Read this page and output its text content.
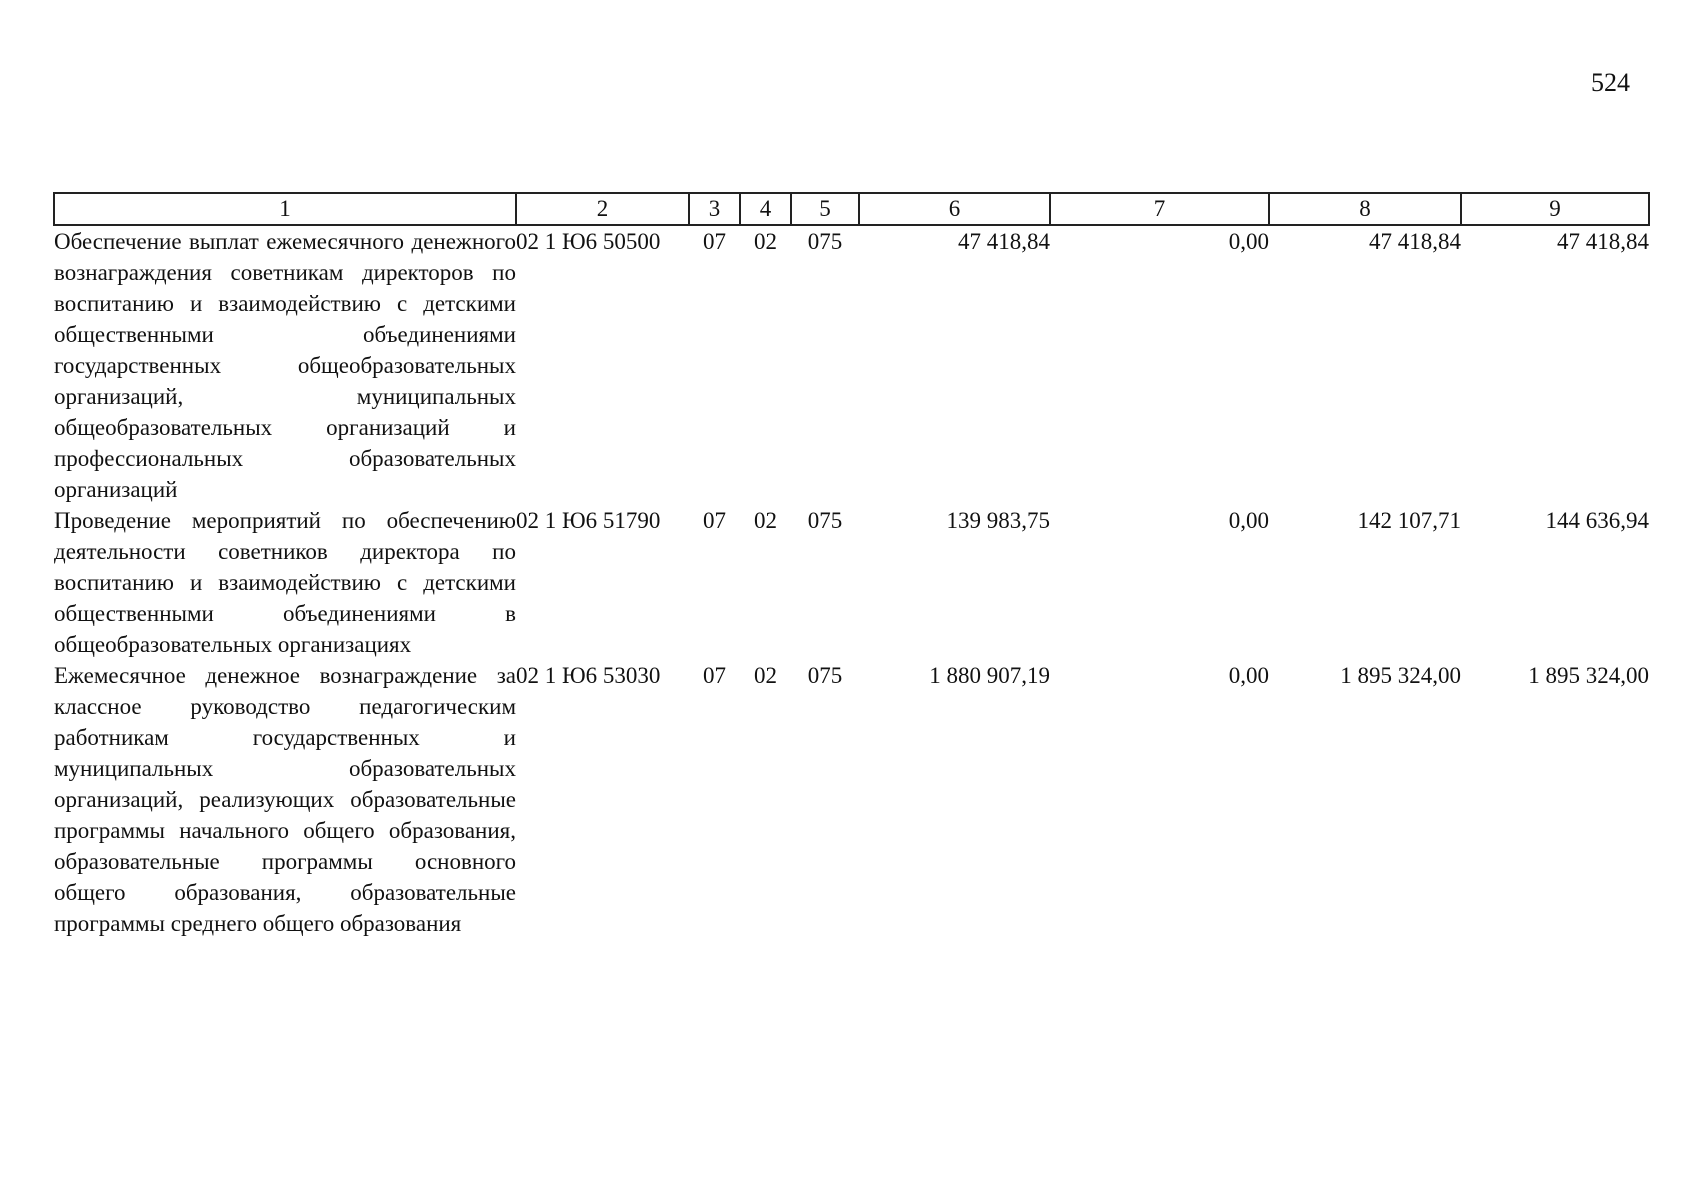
524
1	2	3	4	5	6	7	8	9
Обеспечение выплат ежемесячного денежного вознаграждения советникам директоров по воспитанию и взаимодействию с детскими общественными объединениями государственных общеобразовательных организаций, муниципальных общеобразовательных организаций и профессиональных образовательных организаций	02 1 Ю6 50500	07	02	075	47 418,84	0,00	47 418,84	47 418,84
Проведение мероприятий по обеспечению деятельности советников директора по воспитанию и взаимодействию с детскими общественными объединениями в общеобразовательных организациях	02 1 Ю6 51790	07	02	075	139 983,75	0,00	142 107,71	144 636,94
Ежемесячное денежное вознаграждение за классное руководство педагогическим работникам государственных и муниципальных образовательных организаций, реализующих образовательные программы начального общего образования, образовательные программы основного общего образования, образовательные программы среднего общего образования	02 1 Ю6 53030	07	02	075	1 880 907,19	0,00	1 895 324,00	1 895 324,00
